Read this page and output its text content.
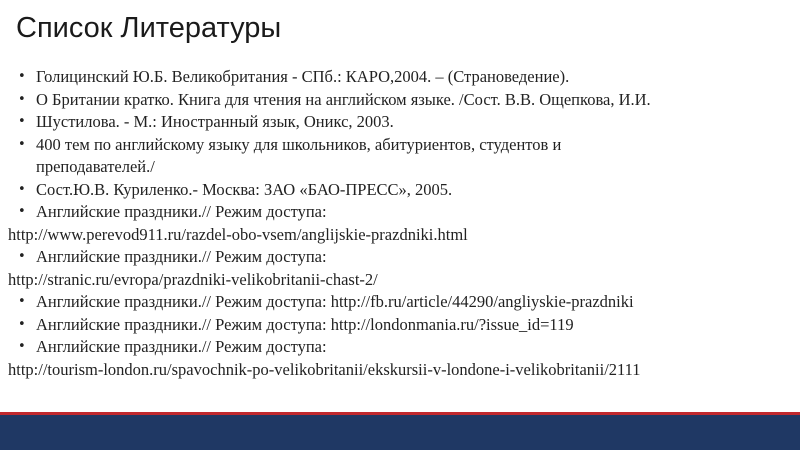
Список Литературы
• Голицинский Ю.Б. Великобритания - СПб.: КАРО,2004. – (Страноведение).
• О Британии кратко. Книга для чтения на английском языке. /Сост. В.В. Ощепкова, И.И.
• Шустилова. - М.: Иностранный язык, Оникс, 2003.
• 400 тем по английскому языку для школьников, абитуриентов, студентов и
преподавателей./
• Сост.Ю.В. Куриленко.- Москва: ЗАО «БАО-ПРЕСС», 2005.
• Английские праздники.// Режим доступа:
http://www.perevod911.ru/razdel-obo-vsem/anglijskie-prazdniki.html
• Английские праздники.// Режим доступа:
http://stranic.ru/evropa/prazdniki-velikobritanii-chast-2/
• Английские праздники.// Режим доступа: http://fb.ru/article/44290/angliyskie-prazdniki
• Английские праздники.// Режим доступа: http://londonmania.ru/?issue_id=119
• Английские праздники.// Режим доступа:
http://tourism-london.ru/spavochnik-po-velikobritanii/ekskursii-v-londone-i-velikobritanii/2111
